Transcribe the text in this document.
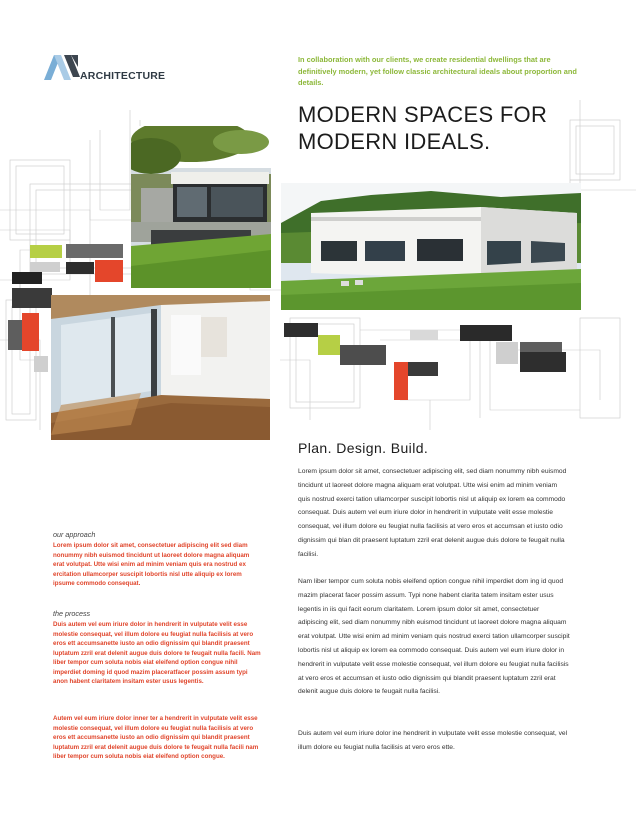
ARCHITECTURE
In collaboration with our clients, we create residential dwellings that are definitively modern, yet follow classic architectural ideals about proportion and details.
MODERN SPACES FOR
MODERN IDEALS.
Plan. Design. Build.
Lorem ipsum dolor sit amet, consectetuer adipiscing elit, sed diam nonummy nibh euismod tincidunt ut laoreet dolore magna aliquam erat volutpat. Utte wisi enim ad minim veniam quis nostrud exerci tation ullamcorper suscipit lobortis nisl ut aliquip ex lorem ea commodo consequat. Duis autem vel eum iriure dolor in hendrerit in vulputate velit esse molestie consequat, vel illum dolore eu feugiat nulla facilisis at vero eros et accumsan et iusto odio dignissim qui blan dit praesent luptatum zzril erat delenit augue duis dolore te feugait nulla facilisi.
Nam liber tempor cum soluta nobis eleifend option congue nihil imperdiet dom ing id quod mazim placerat facer possim assum. Typi none habent clarita tatem insitam ester usus legentis in iis qui facit eorum claritatem. Lorem ipsum dolor sit amet, consectetuer adipiscing elit, sed diam nonummy nibh euismod tincidunt ut laoreet dolore magna aliquam erat volutpat. Utte wisi enim ad minim veniam quis nostrud exerci tation ullamcorper suscipit lobortis nisl ut aliquip ex lorem ea commodo consequat. Duis autem vel eum iriure dolor in hendrerit in vulputate velit esse molestie consequat, vel illum dolore eu feugiat nulla facilisis at vero eros et accumsan et iusto odio dignissim qui blandit praesent luptatum zzril erat delenit augue duis dolore te feugait nulla facilisi.
Duis autem vel eum iriure dolor ine hendrerit in vulputate velit esse molestie consequat, vel illum dolore eu feugiat nulla facilisis at vero eros ette.
our approach
Lorem ipsum dolor sit amet, consectetuer adipiscing elit sed diam nonummy nibh euismod tincidunt ut laoreet dolore magna aliquam erat volutpat. Utte wisi enim ad minim veniam quis era nostrud ex ercitation ullamcorper suscipit lobortis nisl utte aliquip ex lorem ipsume commodo consequat.
the process
Duis autem vel eum iriure dolor in hendrerit in vulputate velit esse molestie consequat, vel illum dolore eu feugiat nulla facilisis at vero eros ett accumsanette iusto an odio dignissim qui blandit praesent luptatum zzril erat delenit augue duis dolore te feugait nulla facili. Nam liber tempor cum soluta nobis eiat eleifend option congue nihil imperdiet doming id quod mazim placeratfacer possim assum typi anon habent claritatem insitam ester usus legentis.
Autem vel eum iriure dolor inner ter a hendrerit in vulputate velit esse molestie consequat, vel illum dolore eu feugiat nulla facilisis at vero eros ett accumsanette iusto an odio dignissim qui blandit praesent luptatum zzril erat delenit augue duis dolore te feugait nulla facili nam liber tempor cum soluta nobis eiat eleifend option congue.
